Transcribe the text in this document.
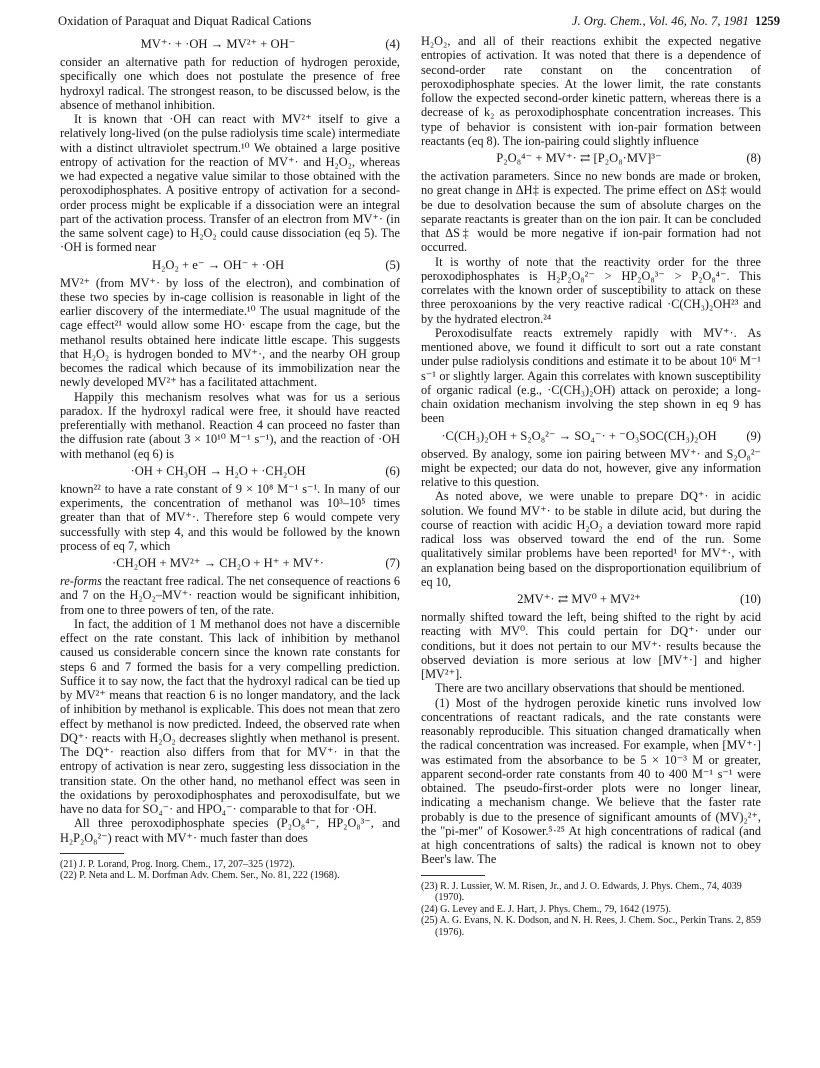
Oxidation of Paraquat and Diquat Radical Cations	J. Org. Chem., Vol. 46, No. 7, 1981 1259
MV⁺· + ·OH → MV²⁺ + OH⁻	(4)

consider an alternative path for reduction of hydrogen peroxide, specifically one which does not postulate the presence of free hydroxyl radical. The strongest reason, to be discussed below, is the absence of methanol inhibition.

It is known that ·OH can react with MV²⁺ itself to give a relatively long-lived (on the pulse radiolysis time scale) intermediate with a distinct ultraviolet spectrum.¹⁰ We obtained a large positive entropy of activation for the reaction of MV⁺· and H₂O₂, whereas we had expected a negative value similar to those obtained with the peroxodiphosphates. A positive entropy of activation for a second-order process might be explicable if a dissociation were an integral part of the activation process. Transfer of an electron from MV⁺· (in the same solvent cage) to H₂O₂ could cause dissociation (eq 5). The ·OH is formed near

H₂O₂ + e⁻ → OH⁻ + ·OH	(5)

MV²⁺ (from MV⁺· by loss of the electron), and combination of these two species by in-cage collision is reasonable in light of the earlier discovery of the intermediate.¹⁰ The usual magnitude of the cage effect²¹ would allow some HO· escape from the cage, but the methanol results obtained here indicate little escape. This suggests that H₂O₂ is hydrogen bonded to MV⁺·, and the nearby OH group becomes the radical which because of its immobilization near the newly developed MV²⁺ has a facilitated attachment.

Happily this mechanism resolves what was for us a serious paradox. If the hydroxyl radical were free, it should have reacted preferentially with methanol. Reaction 4 can proceed no faster than the diffusion rate (about 3 × 10¹⁰ M⁻¹ s⁻¹), and the reaction of ·OH with methanol (eq 6) is

·OH + CH₃OH → H₂O + ·CH₂OH	(6)

known²² to have a rate constant of 9 × 10⁸ M⁻¹ s⁻¹. In many of our experiments, the concentration of methanol was 10³–10⁵ times greater than that of MV⁺·. Therefore step 6 would compete very successfully with step 4, and this would be followed by the known process of eq 7, which

·CH₂OH + MV²⁺ → CH₂O + H⁺ + MV⁺·	(7)

re-forms the reactant free radical. The net consequence of reactions 6 and 7 on the H₂O₂–MV⁺· reaction would be significant inhibition, from one to three powers of ten, of the rate.

In fact, the addition of 1 M methanol does not have a discernible effect on the rate constant. This lack of inhibition by methanol caused us considerable concern since the known rate constants for steps 6 and 7 formed the basis for a very compelling prediction. Suffice it to say now, the fact that the hydroxyl radical can be tied up by MV²⁺ means that reaction 6 is no longer mandatory, and the lack of inhibition by methanol is explicable. This does not mean that zero effect by methanol is now predicted. Indeed, the observed rate when DQ⁺· reacts with H₂O₂ decreases slightly when methanol is present. The DQ⁺· reaction also differs from that for MV⁺· in that the entropy of activation is near zero, suggesting less dissociation in the transition state. On the other hand, no methanol effect was seen in the oxidations by peroxodiphosphates and peroxodisulfate, but we have no data for SO₄⁻· and HPO₄⁻· comparable to that for ·OH.

All three peroxodiphosphate species (P₂O₈⁴⁻, HP₂O₈³⁻, and H₂P₂O₈²⁻) react with MV⁺· much faster than does

(21) J. P. Lorand, Prog. Inorg. Chem., 17, 207–325 (1972).

(22) P. Neta and L. M. Dorfman Adv. Chem. Ser., No. 81, 222 (1968).

H₂O₂, and all of their reactions exhibit the expected negative entropies of activation. It was noted that there is a dependence of second-order rate constant on the concentration of peroxodiphosphate species. At the lower limit, the rate constants follow the expected second-order kinetic pattern, whereas there is a decrease of k₂ as peroxodiphosphate concentration increases. This type of behavior is consistent with ion-pair formation between reactants (eq 8). The ion-pairing could slightly influence

P₂O₈⁴⁻ + MV⁺· ⇄ [P₂O₈·MV]³⁻	(8)

the activation parameters. Since no new bonds are made or broken, no great change in ΔH‡ is expected. The prime effect on ΔS‡ would be due to desolvation because the sum of absolute charges on the separate reactants is greater than on the ion pair. It can be concluded that ΔS‡ would be more negative if ion-pair formation had not occurred.

It is worthy of note that the reactivity order for the three peroxodiphosphates is H₂P₂O₈²⁻ > HP₂O₈³⁻ > P₂O₈⁴⁻. This correlates with the known order of susceptibility to attack on these three peroxoanions by the very reactive radical ·C(CH₃)₂OH²³ and by the hydrated electron.²⁴

Peroxodisulfate reacts extremely rapidly with MV⁺·. As mentioned above, we found it difficult to sort out a rate constant under pulse radiolysis conditions and estimate it to be about 10⁶ M⁻¹ s⁻¹ or slightly larger. Again this correlates with known susceptibility of organic radical (e.g., ·C(CH₃)₂OH) attack on peroxide; a long-chain oxidation mechanism involving the step shown in eq 9 has been

·C(CH₃)₂OH + S₂O₈²⁻ → SO₄⁻· + ⁻O₃SOC(CH₃)₂OH	(9)

observed. By analogy, some ion pairing between MV⁺· and S₂O₈²⁻ might be expected; our data do not, however, give any information relative to this question.

As noted above, we were unable to prepare DQ⁺· in acidic solution. We found MV⁺· to be stable in dilute acid, but during the course of reaction with acidic H₂O₂ a deviation toward more rapid radical loss was observed toward the end of the run. Some qualitatively similar problems have been reported¹ for MV⁺·, with an explanation being based on the disproportionation equilibrium of eq 10,

2MV⁺· ⇄ MV⁰ + MV²⁺	(10)

normally shifted toward the left, being shifted to the right by acid reacting with MV⁰. This could pertain for DQ⁺· under our conditions, but it does not pertain to our MV⁺· results because the observed deviation is more serious at low [MV⁺·] and higher [MV²⁺].

There are two ancillary observations that should be mentioned.

(1) Most of the hydrogen peroxide kinetic runs involved low concentrations of reactant radicals, and the rate constants were reasonably reproducible. This situation changed dramatically when the radical concentration was increased. For example, when [MV⁺·] was estimated from the absorbance to be 5 × 10⁻³ M or greater, apparent second-order rate constants from 40 to 400 M⁻¹ s⁻¹ were obtained. The pseudo-first-order plots were no longer linear, indicating a mechanism change. We believe that the faster rate probably is due to the presence of significant amounts of (MV)₂²⁺, the "pi-mer" of Kosower.⁵·²⁵ At high concentrations of radical (and at high concentrations of salts) the radical is known not to obey Beer's law. The

(23) R. J. Lussier, W. M. Risen, Jr., and J. O. Edwards, J. Phys. Chem., 74, 4039 (1970).

(24) G. Levey and E. J. Hart, J. Phys. Chem., 79, 1642 (1975).

(25) A. G. Evans, N. K. Dodson, and N. H. Rees, J. Chem. Soc., Perkin Trans. 2, 859 (1976).
